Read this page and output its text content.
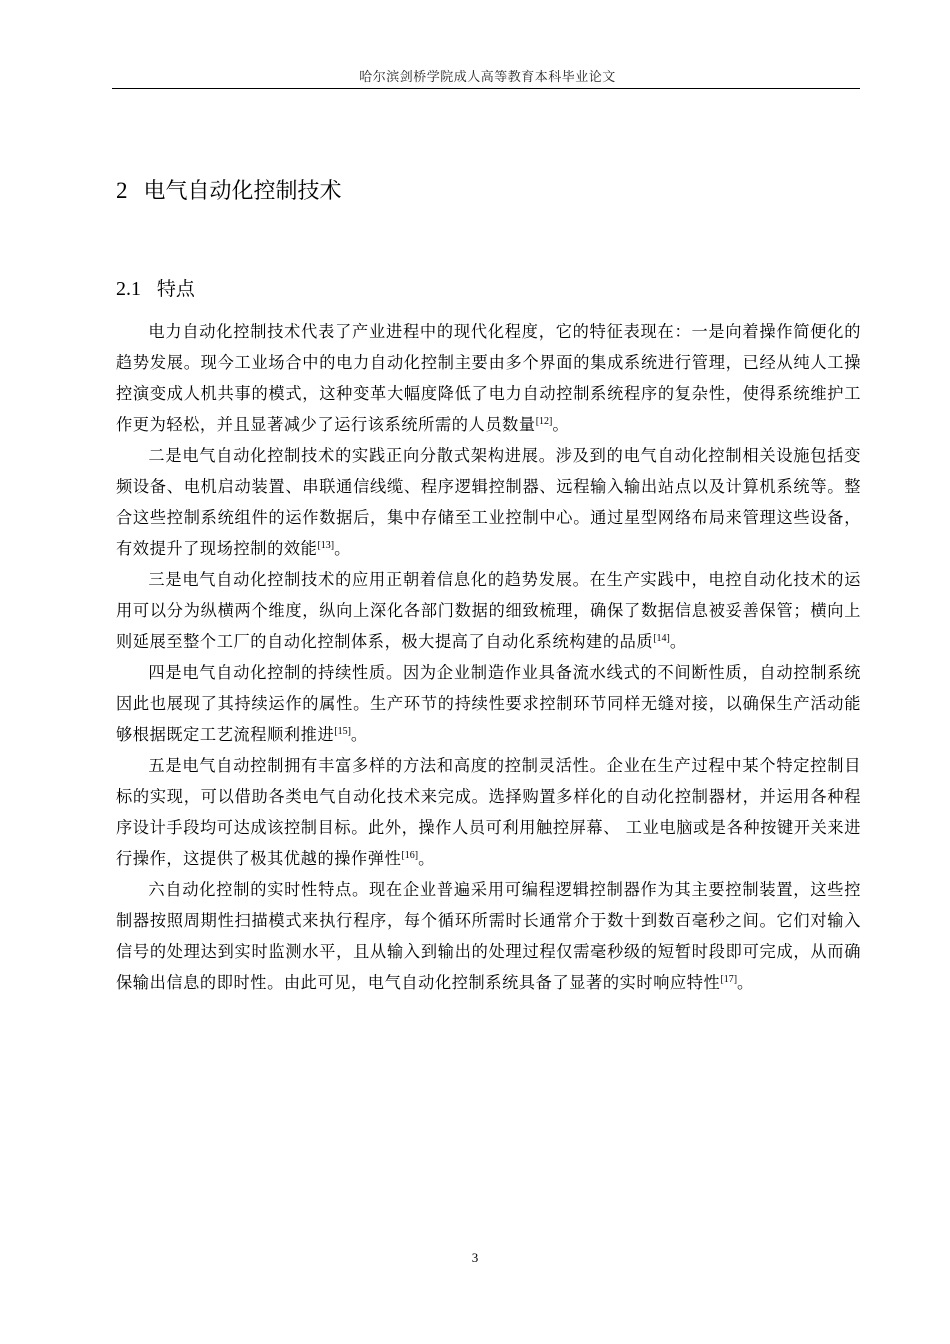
哈尔滨剑桥学院成人高等教育本科毕业论文
2 电气自动化控制技术
2.1 特点

电力自动化控制技术代表了产业进程中的现代化程度，它的特征表现在：一是向着操作简便化的趋势发展。现今工业场合中的电力自动化控制主要由多个界面的集成系统进行管理，已经从纯人工操控演变成人机共事的模式，这种变革大幅度降低了电力自动控制系统程序的复杂性，使得系统维护工作更为轻松，并且显著减少了运行该系统所需的人员数量[12]。

二是电气自动化控制技术的实践正向分散式架构进展。涉及到的电气自动化控制相关设施包括变频设备、电机启动装置、串联通信线缆、程序逻辑控制器、远程输入输出站点以及计算机系统等。整合这些控制系统组件的运作数据后，集中存储至工业控制中心。通过星型网络布局来管理这些设备，有效提升了现场控制的效能[13]。

三是电气自动化控制技术的应用正朝着信息化的趋势发展。在生产实践中，电控自动化技术的运用可以分为纵横两个维度，纵向上深化各部门数据的细致梳理，确保了数据信息被妥善保管；横向上则延展至整个工厂的自动化控制体系，极大提高了自动化系统构建的品质[14]。

四是电气自动化控制的持续性质。因为企业制造作业具备流水线式的不间断性质，自动控制系统因此也展现了其持续运作的属性。生产环节的持续性要求控制环节同样无缝对接，以确保生产活动能够根据既定工艺流程顺利推进[15]。

五是电气自动控制拥有丰富多样的方法和高度的控制灵活性。企业在生产过程中某个特定控制目标的实现，可以借助各类电气自动化技术来完成。选择购置多样化的自动化控制器材，并运用各种程序设计手段均可达成该控制目标。此外，操作人员可利用触控屏幕、 工业电脑或是各种按键开关来进行操作，这提供了极其优越的操作弹性[16]。

六自动化控制的实时性特点。现在企业普遍采用可编程逻辑控制器作为其主要控制装置，这些控制器按照周期性扫描模式来执行程序，每个循环所需时长通常介于数十到数百毫秒之间。它们对输入信号的处理达到实时监测水平，且从输入到输出的处理过程仅需毫秒级的短暂时段即可完成，从而确保输出信息的即时性。由此可见，电气自动化控制系统具备了显著的实时响应特性[17]。

3
